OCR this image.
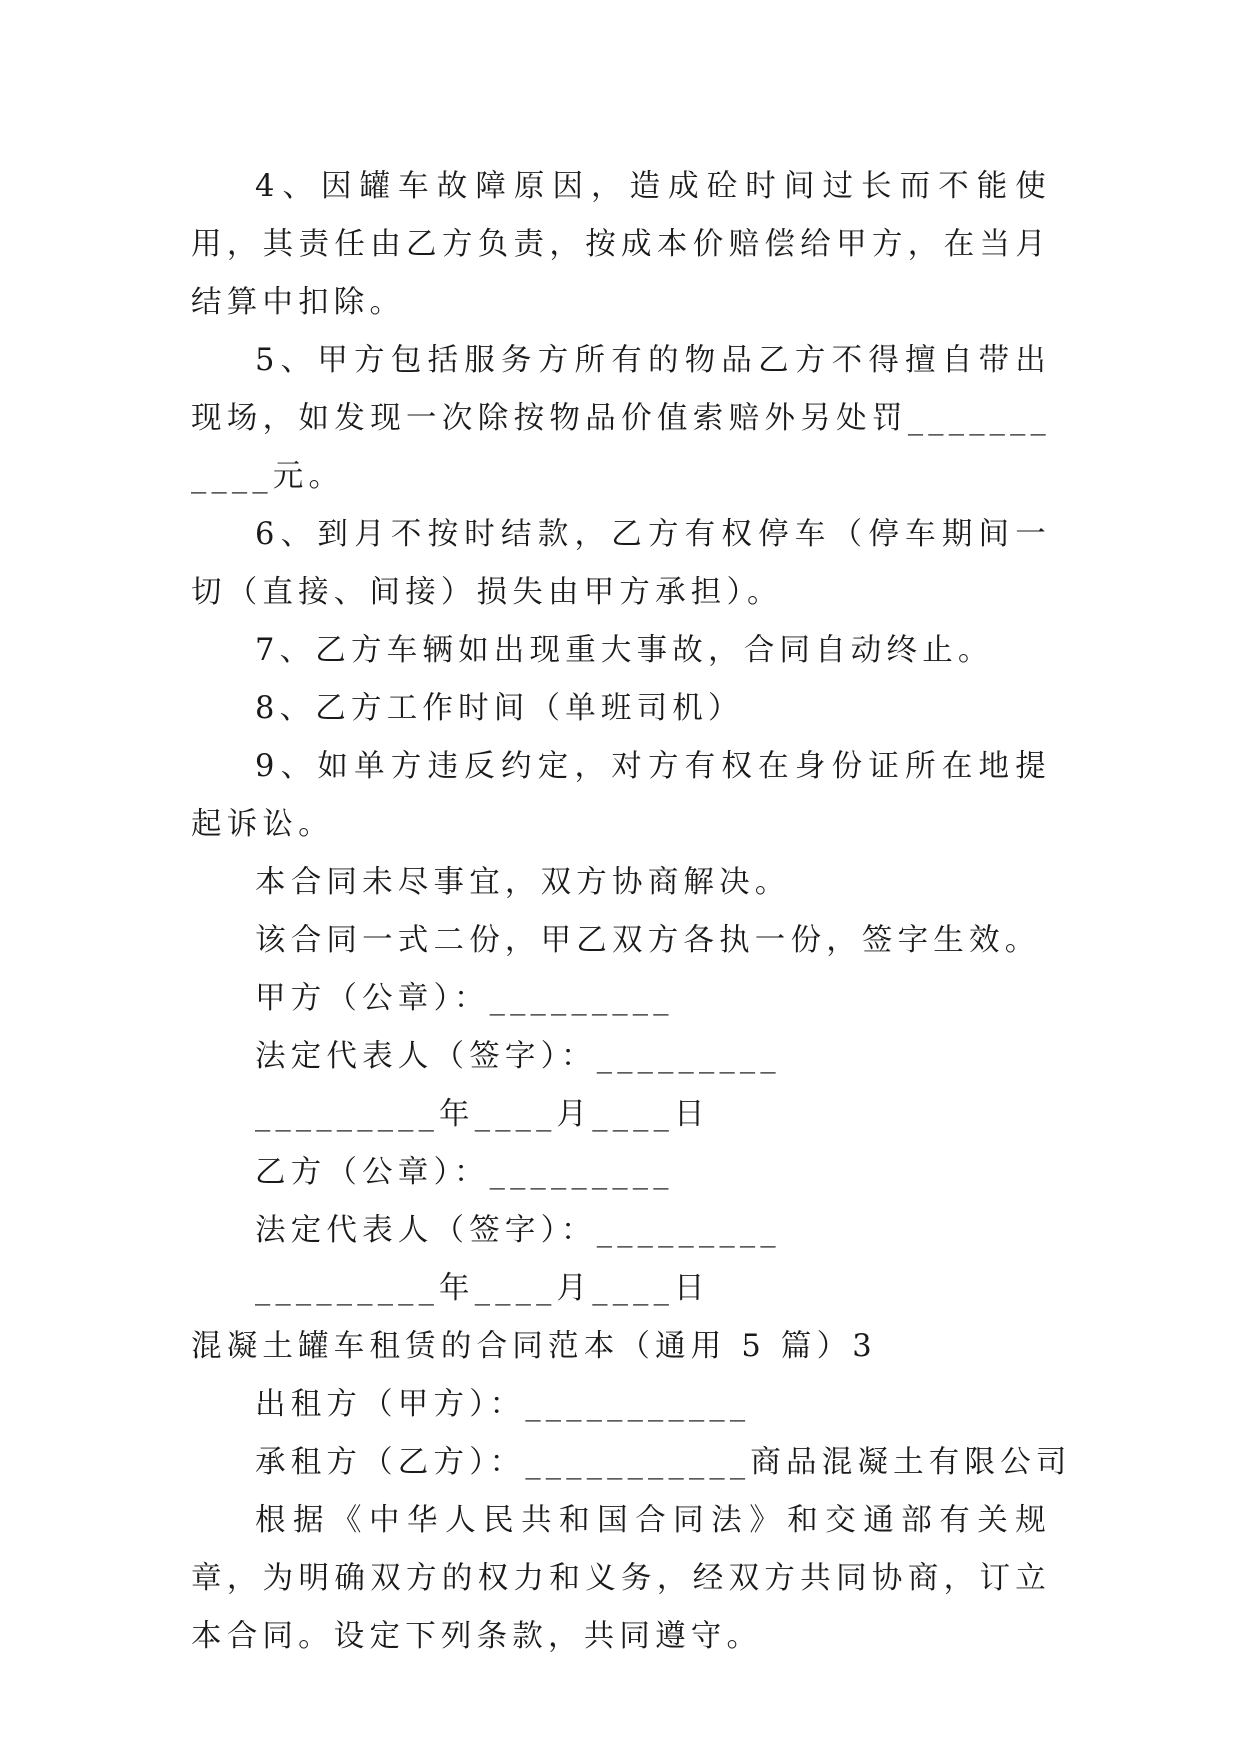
4、因罐车故障原因，造成砼时间过长而不能使用，其责任由乙方负责，按成本价赔偿给甲方，在当月结算中扣除。

5、甲方包括服务方所有的物品乙方不得擅自带出现场，如发现一次除按物品价值索赔外另处罚___________元。

6、到月不按时结款，乙方有权停车（停车期间一切（直接、间接）损失由甲方承担）。

7、乙方车辆如出现重大事故，合同自动终止。

8、乙方工作时间（单班司机）

9、如单方违反约定，对方有权在身份证所在地提起诉讼。

本合同未尽事宜，双方协商解决。

该合同一式二份，甲乙双方各执一份，签字生效。

甲方（公章）：_________

法定代表人（签字）：_________

_________年____月____日

乙方（公章）：_________

法定代表人（签字）：_________

_________年____月____日

混凝土罐车租赁的合同范本（通用 5 篇）3

出租方（甲方）：___________

承租方（乙方）：___________商品混凝土有限公司

根据《中华人民共和国合同法》和交通部有关规章，为明确双方的权力和义务，经双方共同协商，订立本合同。设定下列条款，共同遵守。
